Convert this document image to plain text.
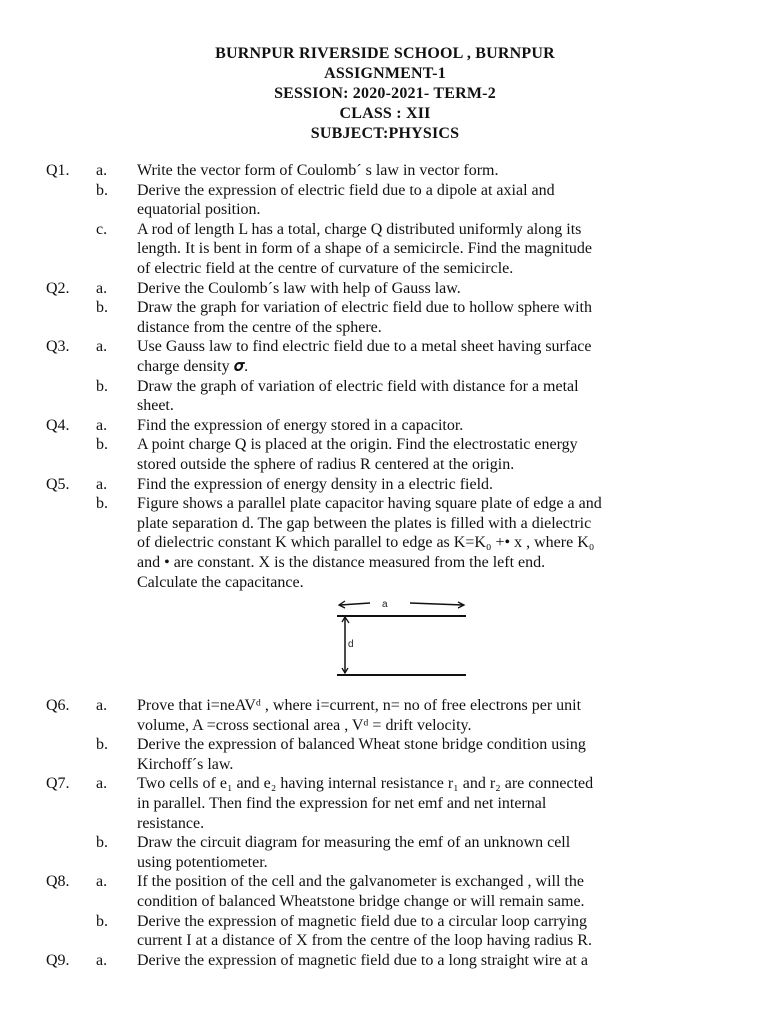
BURNPUR RIVERSIDE SCHOOL , BURNPUR
ASSIGNMENT-1
SESSION: 2020-2021- TERM-2
CLASS : XII
SUBJECT:PHYSICS
Q1. a. Write the vector form of Coulombˊ s law in vector form.
b. Derive the expression of electric field due to a dipole at axial and
equatorial position.
c. A rod of length L has a total, charge Q distributed uniformly along its
length. It is bent in form of a shape of a semicircle. Find the magnitude
of electric field at the centre of curvature of the semicircle.
Q2. a. Derive the Coulombˊs law with help of Gauss law.
b. Draw the graph for variation of electric field due to hollow sphere with
distance from the centre of the sphere.
Q3. a. Use Gauss law to find electric field due to a metal sheet having surface
charge density 𝝈.
b. Draw the graph of variation of electric field with distance for a metal
sheet.
Q4. a. Find the expression of energy stored in a capacitor.
b. A point charge Q is placed at the origin. Find the electrostatic energy
stored outside the sphere of radius R centered at the origin.
Q5. a. Find the expression of energy density in a electric field.
b. Figure shows a parallel plate capacitor having square plate of edge a and
plate separation d. The gap between the plates is filled with a dielectric
of dielectric constant K which parallel to edge as K=K₀ +• x , where K₀
and • are constant. X is the distance measured from the left end.
Calculate the capacitance.
a
d
Q6. a. Prove that i=neAVᵈ , where i=current, n= no of free electrons per unit
volume, A =cross sectional area , Vᵈ = drift velocity.
b. Derive the expression of balanced Wheat stone bridge condition using
Kirchoffˊs law.
Q7. a. Two cells of e₁ and e₂ having internal resistance r₁ and r₂ are connected
in parallel. Then find the expression for net emf and net internal
resistance.
b. Draw the circuit diagram for measuring the emf of an unknown cell
using potentiometer.
Q8. a. If the position of the cell and the galvanometer is exchanged , will the
condition of balanced Wheatstone bridge change or will remain same.
b. Derive the expression of magnetic field due to a circular loop carrying
current I at a distance of X from the centre of the loop having radius R.
Q9. a. Derive the expression of magnetic field due to a long straight wire at a
